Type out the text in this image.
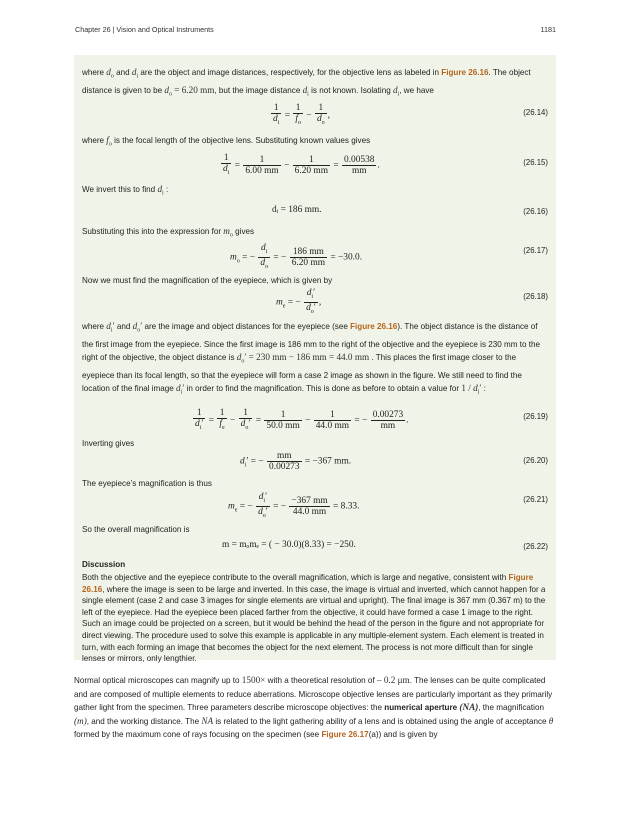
Chapter 26 | Vision and Optical Instruments	1181
where $d_o$ and $d_i$ are the object and image distances, respectively, for the objective lens as labeled in Figure 26.16. The object distance is given to be $d_o = 6.20$ mm, but the image distance $d_i$ is not known. Isolating $d_i$, we have
$\frac{1}{d_i} = \frac{1}{f_o} - \frac{1}{d_o}$ ,	(26.14)
where $f_o$ is the focal length of the objective lens. Substituting known values gives
$\frac{1}{d_i} = \frac{1}{6.00 mm} - \frac{1}{6.20 mm} = \frac{0.00538}{mm}$ .	(26.15)
We invert this to find $d_i$ :
dᵢ = 186 mm.	(26.16)
Substituting this into the expression for $m_o$ gives
$m_o$ = − $\frac{d_i}{d_o}$ = − $\frac{186 mm}{6.20 mm} = -30.0$.
(26.17)
Now we must find the magnification of the eyepiece, which is given by
$m_e$ = − $\frac{d_i'}{d_o'}$ ,
(26.18)
where $d_i'$ and $d_o'$ are the image and object distances for the eyepiece (see Figure 26.16). The object distance is the distance of the first image from the eyepiece. Since the first image is 186 mm to the right of the objective and the eyepiece is 230 mm to the right of the objective, the object distance is $d_o' = 230$ mm − 186 mm = 44.0 mm . This places the first image closer to the eyepiece than its focal length, so that the eyepiece will form a case 2 image as shown in the figure. We still need to find the location of the final image $d_i'$ in order to find the magnification. This is done as before to obtain a value for $1 / d_i'$ :
$\frac{1}{d_i'} = \frac{1}{f_e} - \frac{1}{d_o'} = \frac{1}{50.0 mm} - \frac{1}{44.0 mm}$ = − $\frac{0.00273}{mm}$ .	(26.19)
Inverting gives
$d_i'$ = − $\frac{mm}{0.00273} = -367$ mm.	(26.20)
The eyepiece’s magnification is thus
$m_e$ = − $\frac{d_i'}{d_o'}$ = − $\frac{-367 mm}{44.0 mm} = 8.33$.
(26.21)
So the overall magnification is
m = mₒmₑ = ( − 30.0)(8.33) = −250.	(26.22)
Discussion
Both the objective and the eyepiece contribute to the overall magnification, which is large and negative, consistent with Figure 26.16, where the image is seen to be large and inverted. In this case, the image is virtual and inverted, which cannot happen for a single element (case 2 and case 3 images for single elements are virtual and upright). The final image is 367 mm (0.367 m) to the left of the eyepiece. Had the eyepiece been placed farther from the objective, it could have formed a case 1 image to the right. Such an image could be projected on a screen, but it would be behind the head of the person in the figure and not appropriate for direct viewing. The procedure used to solve this example is applicable in any multiple-element system. Each element is treated in turn, with each forming an image that becomes the object for the next element. The process is not more difficult than for single lenses or mirrors, only lengthier.
Normal optical microscopes can magnify up to 1500× with a theoretical resolution of – 0.2 μm. The lenses can be quite complicated and are composed of multiple elements to reduce aberrations. Microscope objective lenses are particularly important as they primarily gather light from the specimen. Three parameters describe microscope objectives: the numerical aperture (NA), the magnification (m), and the working distance. The NA is related to the light gathering ability of a lens and is obtained using the angle of acceptance θ formed by the maximum cone of rays focusing on the specimen (see Figure 26.17(a)) and is given by
